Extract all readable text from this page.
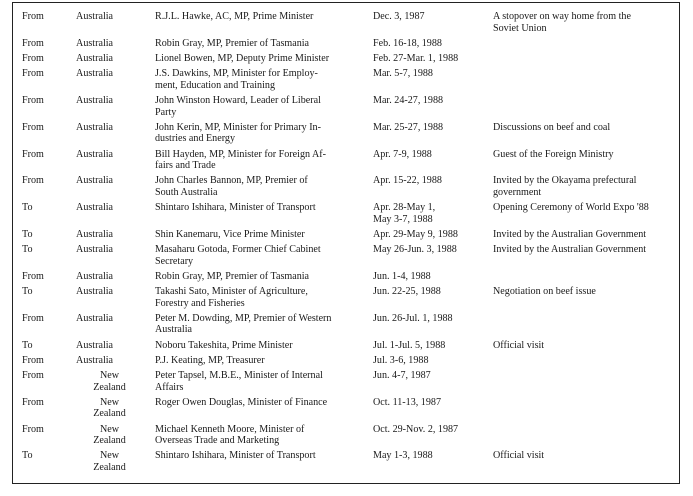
From	Australia	R.J.L. Hawke, AC, MP, Prime Minister	Dec. 3, 1987	A stopover on way home from the
Soviet Union
From	Australia	Robin Gray, MP, Premier of Tasmania	Feb. 16-18, 1988	
From	Australia	Lionel Bowen, MP, Deputy Prime Minister	Feb. 27-Mar. 1, 1988	
From	Australia	J.S. Dawkins, MP, Minister for Employ-
ment, Education and Training	Mar. 5-7, 1988	
From	Australia	John Winston Howard, Leader of Liberal
Party	Mar. 24-27, 1988	
From	Australia	John Kerin, MP, Minister for Primary In-
dustries and Energy	Mar. 25-27, 1988	Discussions on beef and coal
From	Australia	Bill Hayden, MP, Minister for Foreign Af-
fairs and Trade	Apr. 7-9, 1988	Guest of the Foreign Ministry
From	Australia	John Charles Bannon, MP, Premier of
South Australia	Apr. 15-22, 1988	Invited by the Okayama prefectural
government
To	Australia	Shintaro Ishihara, Minister of Transport	Apr. 28-May 1,
May 3-7, 1988	Opening Ceremony of World Expo '88
To	Australia	Shin Kanemaru, Vice Prime Minister	Apr. 29-May 9, 1988	Invited by the Australian Government
To	Australia	Masaharu Gotoda, Former Chief Cabinet
Secretary	May 26-Jun. 3, 1988	Invited by the Australian Government
From	Australia	Robin Gray, MP, Premier of Tasmania	Jun. 1-4, 1988	
To	Australia	Takashi Sato, Minister of Agriculture,
Forestry and Fisheries	Jun. 22-25, 1988	Negotiation on beef issue
From	Australia	Peter M. Dowding, MP, Premier of Western
Australia	Jun. 26-Jul. 1, 1988	
To	Australia	Noboru Takeshita, Prime Minister	Jul. 1-Jul. 5, 1988	Official visit
From	Australia	P.J. Keating, MP, Treasurer	Jul. 3-6, 1988	
From	New
Zealand	Peter Tapsel, M.B.E., Minister of Internal
Affairs	Jun. 4-7, 1987	
From	New
Zealand	Roger Owen Douglas, Minister of Finance	Oct. 11-13, 1987	
From	New
Zealand	Michael Kenneth Moore, Minister of
Overseas Trade and Marketing	Oct. 29-Nov. 2, 1987	
To	New
Zealand	Shintaro Ishihara, Minister of Transport	May 1-3, 1988	Official visit
